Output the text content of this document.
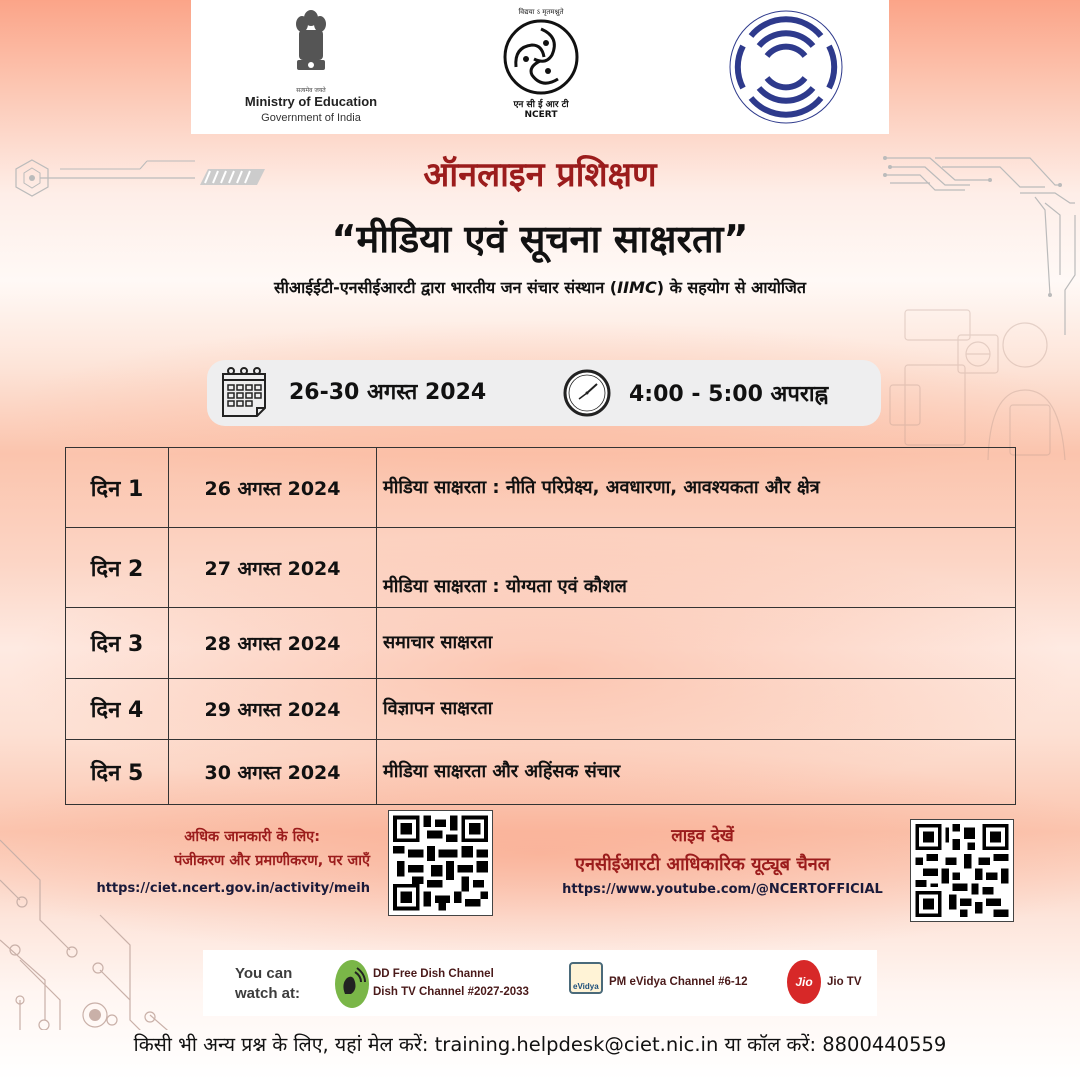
सत्यमेव जयते
Ministry of Education
Government of India
विद्यया ऽ मृतमश्नुते
एन सी ई आर टी
NCERT
ऑनलाइन प्रशिक्षण
“मीडिया एवं सूचना साक्षरता”
सीआईईटी-एनसीईआरटी द्वारा भारतीय जन संचार संस्थान (IIMC) के सहयोग से आयोजित
26-30 अगस्त 2024	4:00 - 5:00 अपराह्न
दिन 1	26 अगस्त 2024	मीडिया साक्षरता : नीति परिप्रेक्ष्य, अवधारणा, आवश्यकता और क्षेत्र
दिन 2	27 अगस्त 2024	मीडिया साक्षरता : योग्यता एवं कौशल
दिन 3	28 अगस्त 2024	समाचार साक्षरता
दिन 4	29 अगस्त 2024	विज्ञापन साक्षरता
दिन 5	30 अगस्त 2024	मीडिया साक्षरता और अहिंसक संचार
अधिक जानकारी के लिए:
पंजीकरण और प्रमाणीकरण, पर जाएँ
https://ciet.ncert.gov.in/activity/meih
लाइव देखें
एनसीईआरटी आधिकारिक यूट्यूब चैनल
https://www.youtube.com/@NCERTOFFICIAL
You can
watch at:
DD Free Dish Channel
Dish TV Channel #2027-2033	eVidya PM eVidya Channel #6-12	Jio	Jio TV
किसी भी अन्य प्रश्न के लिए, यहां मेल करें: training.helpdesk@ciet.nic.in या कॉल करें: 8800440559
